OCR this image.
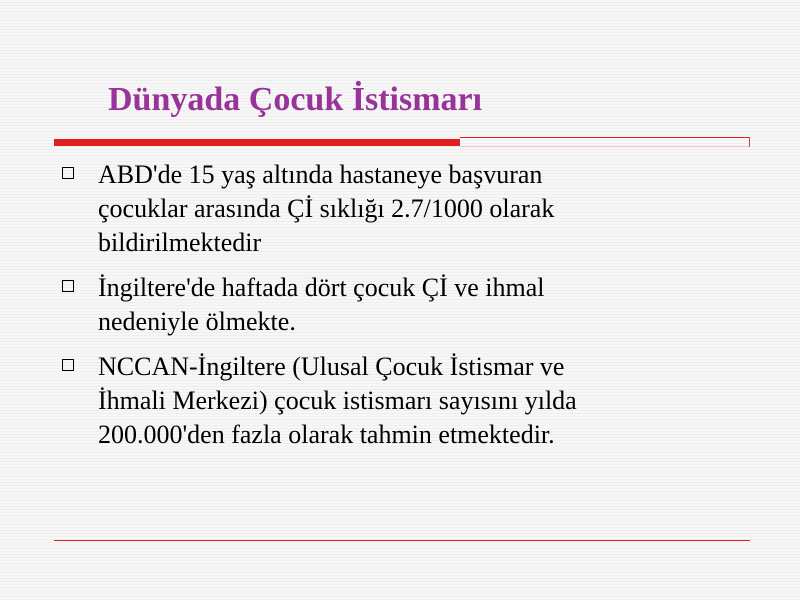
Dünyada Çocuk İstismarı
ABD'de 15 yaş altında hastaneye başvuran
çocuklar arasında Çİ sıklığı 2.7/1000 olarak
bildirilmektedir
İngiltere'de haftada dört çocuk Çİ ve ihmal
nedeniyle ölmekte.
NCCAN-İngiltere (Ulusal Çocuk İstismar ve
İhmali Merkezi) çocuk istismarı sayısını yılda
200.000'den fazla olarak tahmin etmektedir.
